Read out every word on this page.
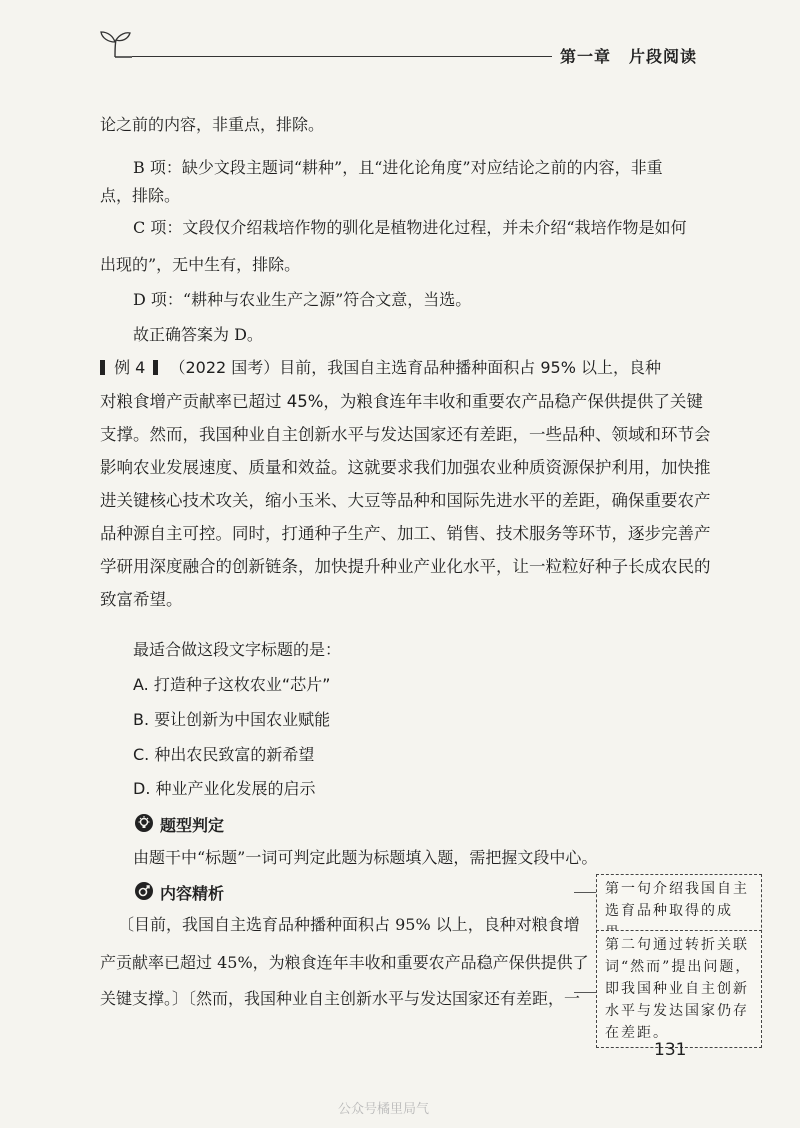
第一章 片段阅读
论之前的内容，非重点，排除。
B 项：缺少文段主题词“耕种”，且“进化论角度”对应结论之前的内容，非重
点，排除。
C 项：文段仅介绍栽培作物的驯化是植物进化过程，并未介绍“栽培作物是如何
出现的”，无中生有，排除。
D 项：“耕种与农业生产之源”符合文意，当选。
故正确答案为 D。
例 4 （2022 国考）目前，我国自主选育品种播种面积占 95% 以上，良种
对粮食增产贡献率已超过 45%，为粮食连年丰收和重要农产品稳产保供提供了关键
支撑。然而，我国种业自主创新水平与发达国家还有差距，一些品种、领域和环节会
影响农业发展速度、质量和效益。这就要求我们加强农业种质资源保护利用，加快推
进关键核心技术攻关，缩小玉米、大豆等品种和国际先进水平的差距，确保重要农产
品种源自主可控。同时，打通种子生产、加工、销售、技术服务等环节，逐步完善产
学研用深度融合的创新链条，加快提升种业产业化水平，让一粒粒好种子长成农民的
致富希望。
最适合做这段文字标题的是：
A. 打造种子这枚农业“芯片”
B. 要让创新为中国农业赋能
C. 种出农民致富的新希望
D. 种业产业化发展的启示
题型判定
由题干中“标题”一词可判定此题为标题填入题，需把握文段中心。
内容精析
〔目前，我国自主选育品种播种面积占 95% 以上，良种对粮食增
产贡献率已超过 45%，为粮食连年丰收和重要农产品稳产保供提供了
关键支撑。〕〔然而，我国种业自主创新水平与发达国家还有差距，一
第一句介绍我国自主选育品种取得的成
第二句通过转折关联词“然而”提出问题，即我国种业自主创新水平与发达国家仍存在差距。
131
公众号橘里局气
